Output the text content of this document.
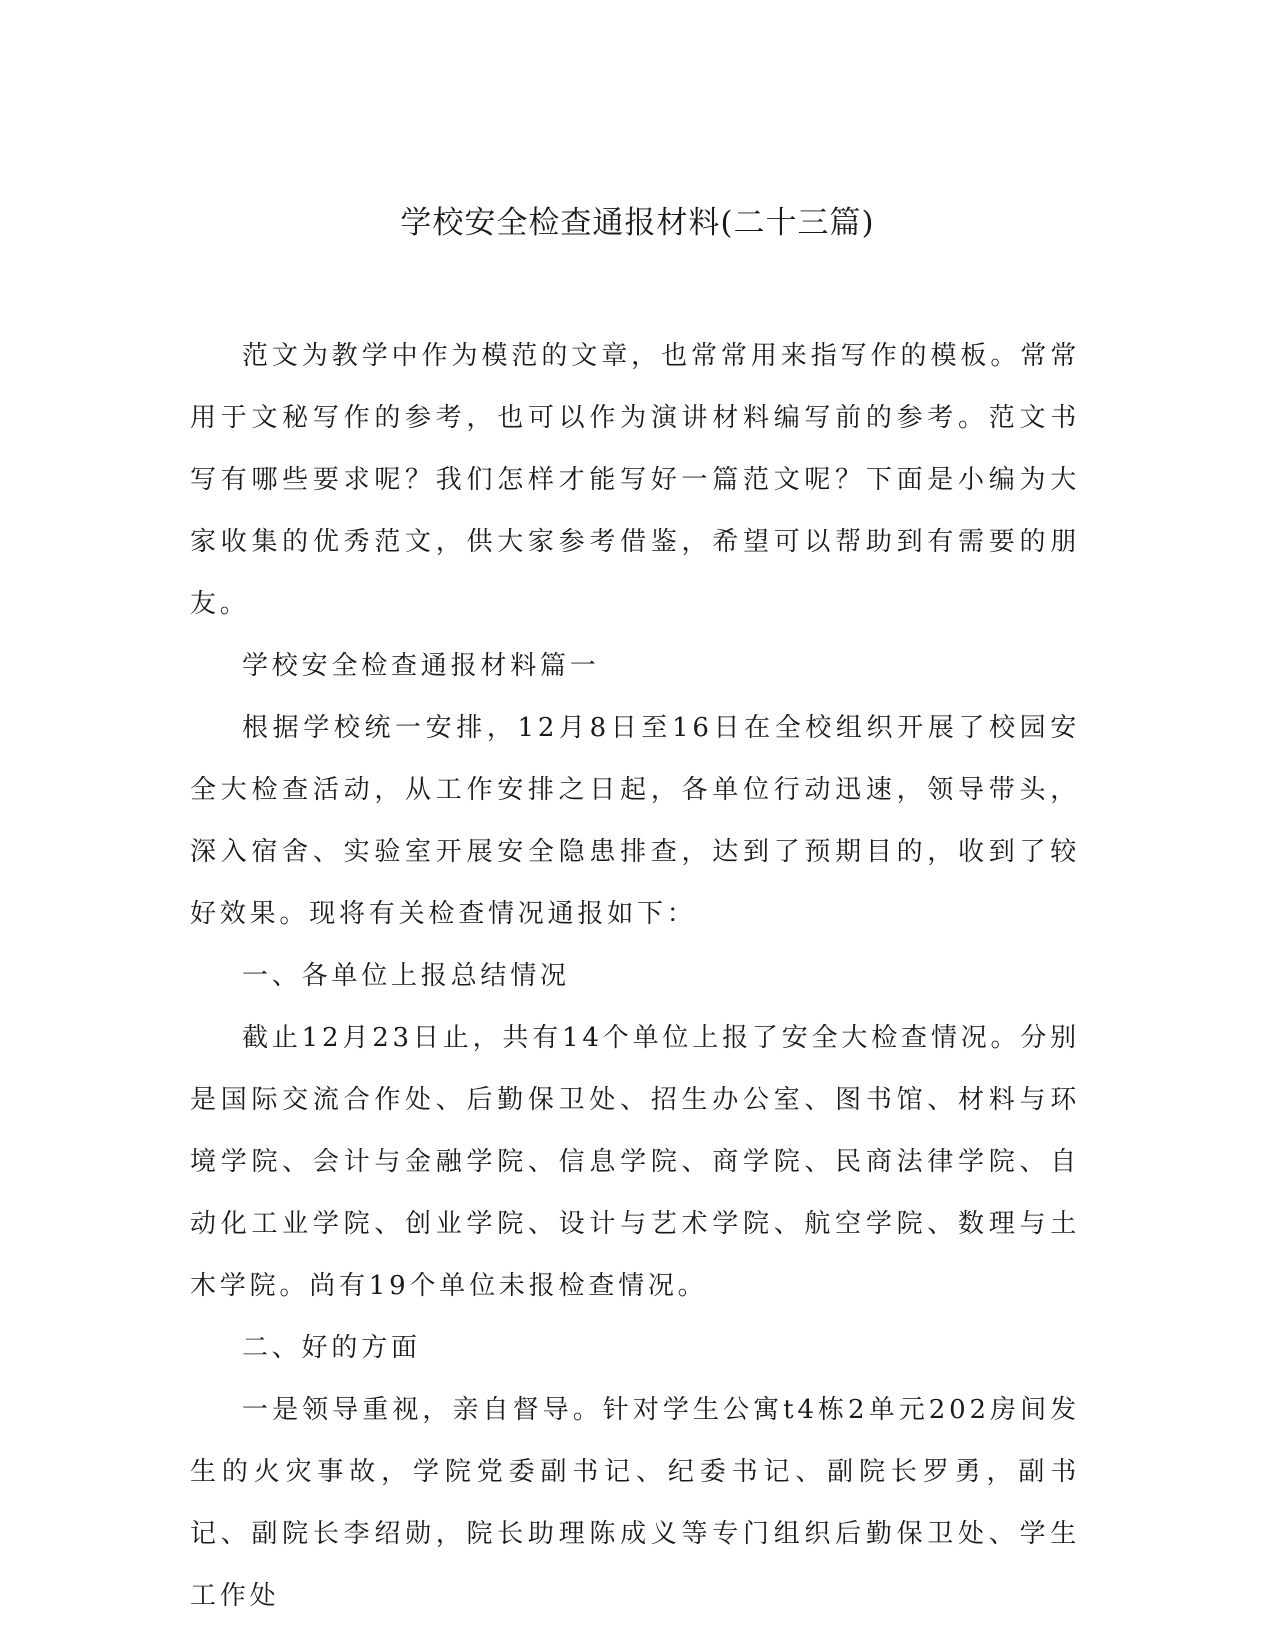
学校安全检查通报材料(二十三篇)

范文为教学中作为模范的文章，也常常用来指写作的模板。常常用于文秘写作的参考，也可以作为演讲材料编写前的参考。范文书写有哪些要求呢？我们怎样才能写好一篇范文呢？下面是小编为大家收集的优秀范文，供大家参考借鉴，希望可以帮助到有需要的朋友。

学校安全检查通报材料篇一

根据学校统一安排，12月8日至16日在全校组织开展了校园安全大检查活动，从工作安排之日起，各单位行动迅速，领导带头，深入宿舍、实验室开展安全隐患排查，达到了预期目的，收到了较好效果。现将有关检查情况通报如下：

一、各单位上报总结情况

截止12月23日止，共有14个单位上报了安全大检查情况。分别是国际交流合作处、后勤保卫处、招生办公室、图书馆、材料与环境学院、会计与金融学院、信息学院、商学院、民商法律学院、自动化工业学院、创业学院、设计与艺术学院、航空学院、数理与土木学院。尚有19个单位未报检查情况。

二、好的方面

一是领导重视，亲自督导。针对学生公寓t4栋2单元202房间发生的火灾事故，学院党委副书记、纪委书记、副院长罗勇，副书记、副院长李绍勋，院长助理陈成义等专门组织后勤保卫处、学生工作处
